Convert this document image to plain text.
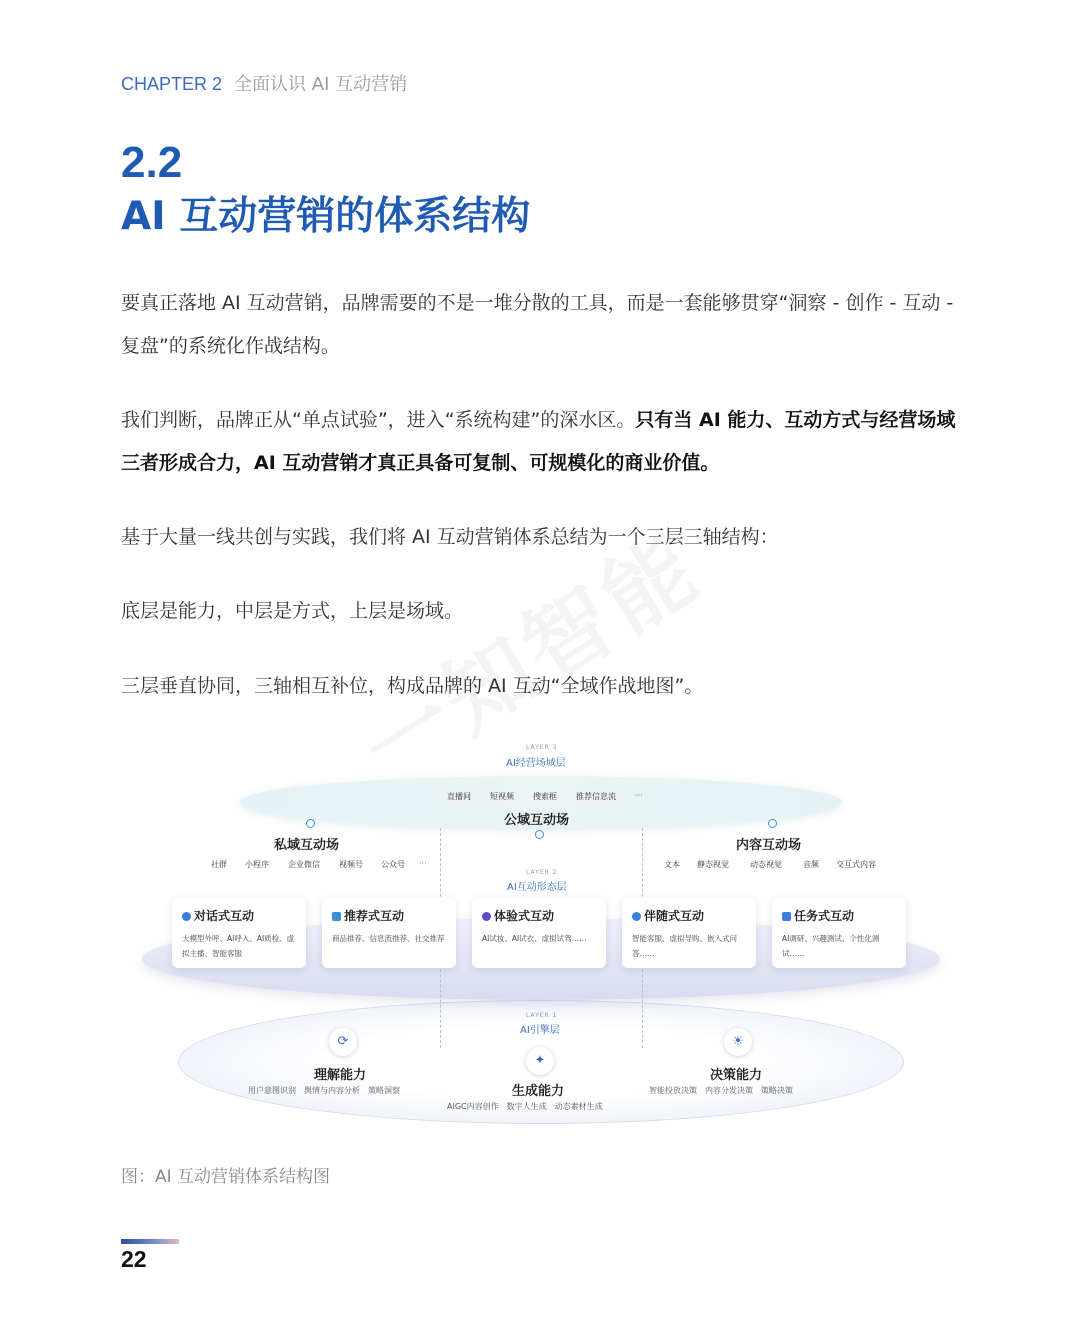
CHAPTER 2 全面认识 AI 互动营销
2.2
AI 互动营销的体系结构
要真正落地 AI 互动营销，品牌需要的不是一堆分散的工具，而是一套能够贯穿“洞察 - 创作 - 互动 - 复盘”的系统化作战结构。
我们判断，品牌正从“单点试验”，进入“系统构建”的深水区。只有当 AI 能力、互动方式与经营场域三者形成合力，AI 互动营销才真正具备可复制、可规模化的商业价值。
基于大量一线共创与实践，我们将 AI 互动营销体系总结为一个三层三轴结构：
底层是能力，中层是方式，上层是场域。
三层垂直协同，三轴相互补位，构成品牌的 AI 互动“全域作战地图”。
LAYER 3
AI经营场域层
直播间	短视频	搜索框	推荐信息流	···
公域互动场
私域互动场
社群	小程序	企业微信	视频号	公众号	···
内容互动场
文本	静态视觉	动态视觉	音频	交互式内容
LAYER 2
AI互动形态层
对话式互动
大模型外呼、AI呼入、AI质检、虚拟主播、智能客服
推荐式互动
商品推荐、信息流推荐、社交推荐
体验式互动
AI试妆、AI试衣、虚拟试驾……
伴随式互动
智能客服、虚拟导购、嵌入式问答……
任务式互动
AI调研、兴趣测试、个性化测试……
LAYER 1
AI引擎层
⟳
理解能力
用户意图识别　舆情与内容分析　策略洞察
✦
生成能力
AIGC内容创作　数字人生成　动态素材生成
☀
决策能力
智能投放决策　内容分发决策　策略决策
图：AI 互动营销体系结构图
22
